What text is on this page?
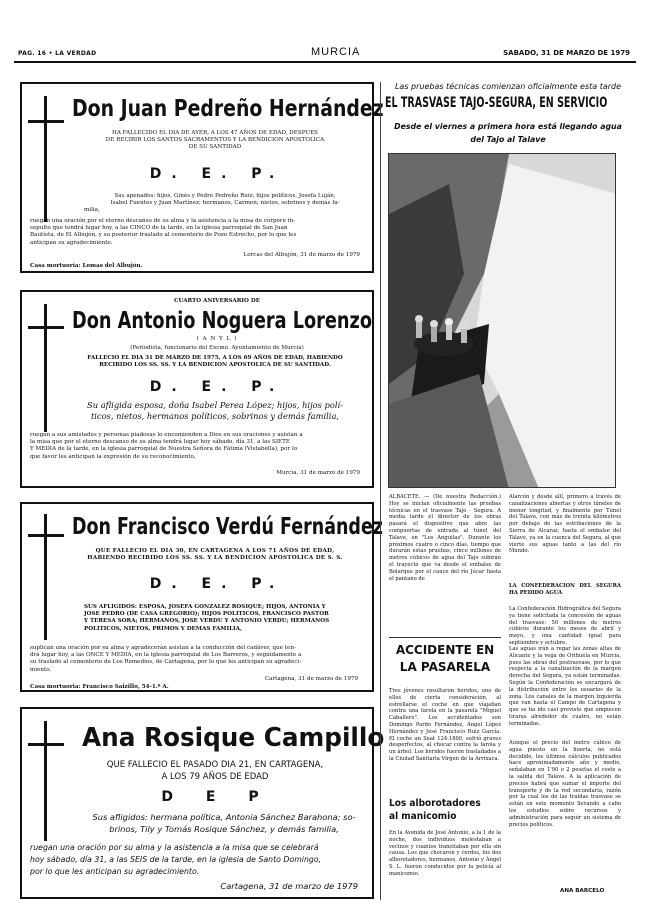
PAG. 16 • LA VERDAD	MURCIA	SABADO, 31 DE MARZO DE 1979
Don Juan Pedreño Hernández
HA FALLECIDO EL DIA DE AYER, A LOS 47 AÑOS DE EDAD, DESPUES
DE RECIBIR LOS SANTOS SACRAMENTOS Y LA BENDICION APOSTOLICA
DE SU SANTIDAD
D. E. P.
Sus apenados: hijos, Ginés y Pedro Pedreño Ruiz; hijos políticos, Josefa Luján,
Isabel Fuentes y Juan Martínez; hermanos, Carmen; nietos, sobrinos y demás fa-
milia,
ruegan una oración por el eterno descanso de su alma y la asistencia a la misa de corpore in-
sepulto que tendrá lugar hoy, a las CINCO de la tarde, en la iglesia parroquial de San Juan
Bautista, de El Albujón, y su posterior traslado al cementerio de Pozo Estrecho, por lo que les
anticipan su agradecimiento.
Lorcas del Albujón, 31 de marzo de 1979
Casa mortuoria: Lomas del Albujón.
CUARTO ANIVERSARIO DE
Don Antonio Noguera Lorenzo
( A N Y L )
(Periodista, funcionario del Excmo. Ayuntamiento de Murcia)
FALLECIO EL DIA 31 DE MARZO DE 1975, A LOS 69 AÑOS DE EDAD, HABIENDO
RECIBIDO LOS SS. SS. Y LA BENDICION APOSTOLICA DE SU SANTIDAD.
D. E. P.
Su afligida esposa, doña Isabel Perea López; hijos, hijos polí-
ticos, nietos, hermanos políticos, sobrinos y demás familia,
ruegan a sus amistades y personas piadosas lo encomienden a Dios en sus oraciones y asistan a
la misa que por el eterno descanso de su alma tendrá lugar hoy sábado, día 31, a las SIETE
Y MEDIA de la tarde, en la iglesia parroquial de Nuestra Señora de Fátima (Vistabella), por lo
que favor les anticipan la expresión de su reconocimiento.
Murcia, 31 de marzo de 1979
Don Francisco Verdú Fernández
QUE FALLECIO EL DIA 30, EN CARTAGENA A LOS 71 AÑOS DE EDAD,
HABIENDO RECIBIDO LOS SS. SS. Y LA BENDICION APOSTOLICA DE S. S.
D. E. P.
SUS AFLIGIDOS: ESPOSA, JOSEFA GONZALEZ ROSIQUE; HIJOS, ANTONIA Y
JOSE PEDRO (DE CASA GREGORIO); HIJOS POLITICOS, FRANCISCO PASTOR
Y TERESA SORA; HERMANOS, JOSE VERDU Y ANTONIO VERDU; HERMANOS
POLITICOS, NIETOS, PRIMOS Y DEMAS FAMILIA,
suplican una oración por su alma y agradecerán asistan a la conducción del cadáver, que ten-
drá lugar hoy, a las ONCE Y MEDIA, en la iglesia parroquial de Los Barreros, y seguidamente a
su traslado al cementerio de Los Remedios, de Cartagena, por lo que les anticipan su agradeci-
miento.
Cartagena, 31 de marzo de 1979
Casa mortuoria: Francisco Saizillo, 54-1.º A.
Ana Rosique Campillo
QUE FALLECIO EL PASADO DIA 21, EN CARTAGENA,
A LOS 79 AÑOS DE EDAD
D E P
Sus afligidos: hermana política, Antonia Sánchez Barahona; so-
brinos, Tily y Tomás Rosique Sánchez, y demás familia,
ruegan una oración por su alma y la asistencia a la misa que se celebrará
hoy sábado, día 31, a las SEIS de la tarde, en la iglesia de Santo Domingo,
por lo que les anticipan su agradecimiento.
Cartagena, 31 de marzo de 1979
Las pruebas técnicas comienzan oficialmente esta tarde
EL TRASVASE TAJO-SEGURA, EN SERVICIO
Desde el viernes a primera hora está llegando agua
del Tajo al Talave
ALBACETE. — (De nuestra Redacción.) Hoy se inician oficialmente las pruebas técnicas en el trasvase Tajo - Segura. A media tarde el director de los obras pasará el dispositivo que abre las compuertas de entrada al túnel del Talave, en "Los Anguilas". Durante los próximos cuatro o cinco días, tiempo que durarán estas pruebas, cinco millones de metros cúbicos de agua del Tajo subirán el trayecto que va desde el embalse de Bolarque por el cauce del río Júcar hasta el pantano de
Alarcón y desde allí, primero a través de canalizaciones abiertas y otros túneles de menor longitud, y finalmente por Túnel del Talave, con más de treinta kilómetros por debajo de las estribaciones de la Sierra de Alcaraz, hasta el embalse del Talave, ya en la cuenca del Segura, al que vierte sus aguas tanto a las del río Mundo.
LA CONFEDERACION DEL SEGURA HA PEDIDO AGUA
La Confederación Hidrográfica del Segura ya tiene solicitada la concesión de aguas del trasvase: 50 millones de metros cúbicos durante los meses de abril y mayo, y una cantidad igual para septiembre y octubre.
Las aguas irán a regar las zonas altas de Alicante y la vega de Orihuela en Murcia, pues las obras del postrasvase, por lo que respecta a la canalización de la margen derecha del Segura, ya están terminadas. Según la Confederación se encargará de la distribución entre los usuarios de la zona. Los canales de la margen izquierda que van hasta el Campo de Cartagena y que se ha ido casi previsto que empiecen tiraras alrededor de cuatro, no están terminadas.
Aunque el precio del metro cúbico de agua puesto en la huerta, no está decidido, los últimos cálculos publicados hace aproximadamente año y medio, señalaban en 1'90 o 2 pesetas el coste a la salida del Talave. A la aplicación de precios habrá que sumar el importe del transporte y de la red secundaria, razón por la cual los de las traídas trasvase se están en este momento llevando a cabo los estudios sobre recursos y administración para seguir un sistema de precios políticos.
ANA BARCELO
ACCIDENTE EN
LA PASARELA
Tres jóvenes resultaron heridos, uno de ellos de cierta consideración, al estrellarse el coche en que viajaban contra una farola en la pasarela "Miguel Caballero". Los accidentados son Domingo Pardo Fernández, Ángel López Hernández y José Francisco Ruiz García. El coche un Seat 124-1800, sufrió graves desperfectos, al chocar contra la farola y un árbol. Los heridos fueron trasladados a la Ciudad Sanitaria Virgen de la Arrixaca.
Los alborotadores
al manicomio
En la Avenida de José Antonio, a la 1 de la noche, dos individuos molestaban a vecinos y cuantos transitaban por ella sin causa. Los que chocaron y cerdos, los dos alborotadores, hermanos, Antonio y Ángel S. L. fueron conducidos por la policía al manicomio.
